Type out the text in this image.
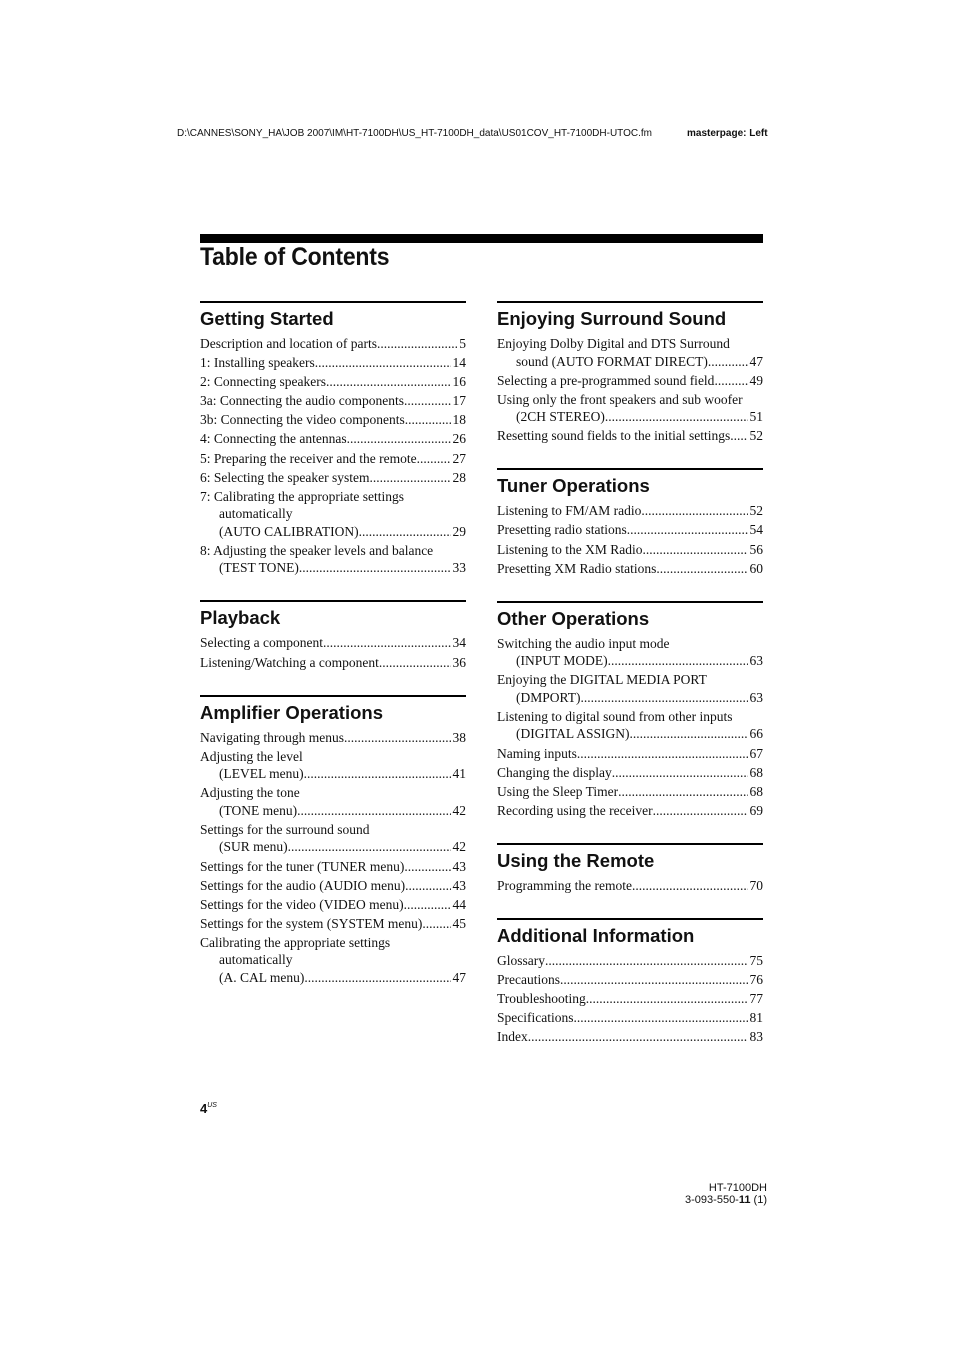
D:\CANNES\SONY_HA\JOB 2007\IM\HT-7100DH\US_HT-7100DH_data\US01COV_HT-7100DH-UTOC.fm	masterpage: Left
Table of Contents
Getting Started
Description and location of parts .....	5
1: Installing speakers .....	14
2: Connecting speakers .....	16
3a: Connecting the audio components .....	17
3b: Connecting the video components .....	18
4: Connecting the antennas .....	26
5: Preparing the receiver and the remote .....	27
6: Selecting the speaker system .....	28
7: Calibrating the appropriate settings
automatically
(AUTO CALIBRATION) .....	29
8: Adjusting the speaker levels and balance
(TEST TONE) .....	33
Playback
Selecting a component .....	34
Listening/Watching a component .....	36
Amplifier Operations
Navigating through menus .....	38
Adjusting the level
(LEVEL menu) .....	41
Adjusting the tone
(TONE menu) .....	42
Settings for the surround sound
(SUR menu) .....	42
Settings for the tuner (TUNER menu) .....	43
Settings for the audio (AUDIO menu) .....	43
Settings for the video (VIDEO menu) .....	44
Settings for the system (SYSTEM menu) ..... 45
Calibrating the appropriate settings
automatically
(A. CAL menu) .....	47
Enjoying Surround Sound
Enjoying Dolby Digital and DTS Surround
sound (AUTO FORMAT DIRECT) .....	47
Selecting a pre-programmed sound field .....	49
Using only the front speakers and sub woofer
(2CH STEREO) .....	51
Resetting sound fields to the initial settings ..... 52
Tuner Operations
Listening to FM/AM radio .....	52
Presetting radio stations .....	54
Listening to the XM Radio .....	56
Presetting XM Radio stations .....	60
Other Operations
Switching the audio input mode
(INPUT MODE) .....	63
Enjoying the DIGITAL MEDIA PORT
(DMPORT) .....	63
Listening to digital sound from other inputs
(DIGITAL ASSIGN) .....	66
Naming inputs .....	67
Changing the display .....	68
Using the Sleep Timer .....	68
Recording using the receiver .....	69
Using the Remote
Programming the remote .....	70
Additional Information
Glossary .....	75
Precautions .....	76
Troubleshooting .....	77
Specifications .....	81
Index .....	83
$4^{US}$
HT-7100DH
3-093-550-11 (1)
